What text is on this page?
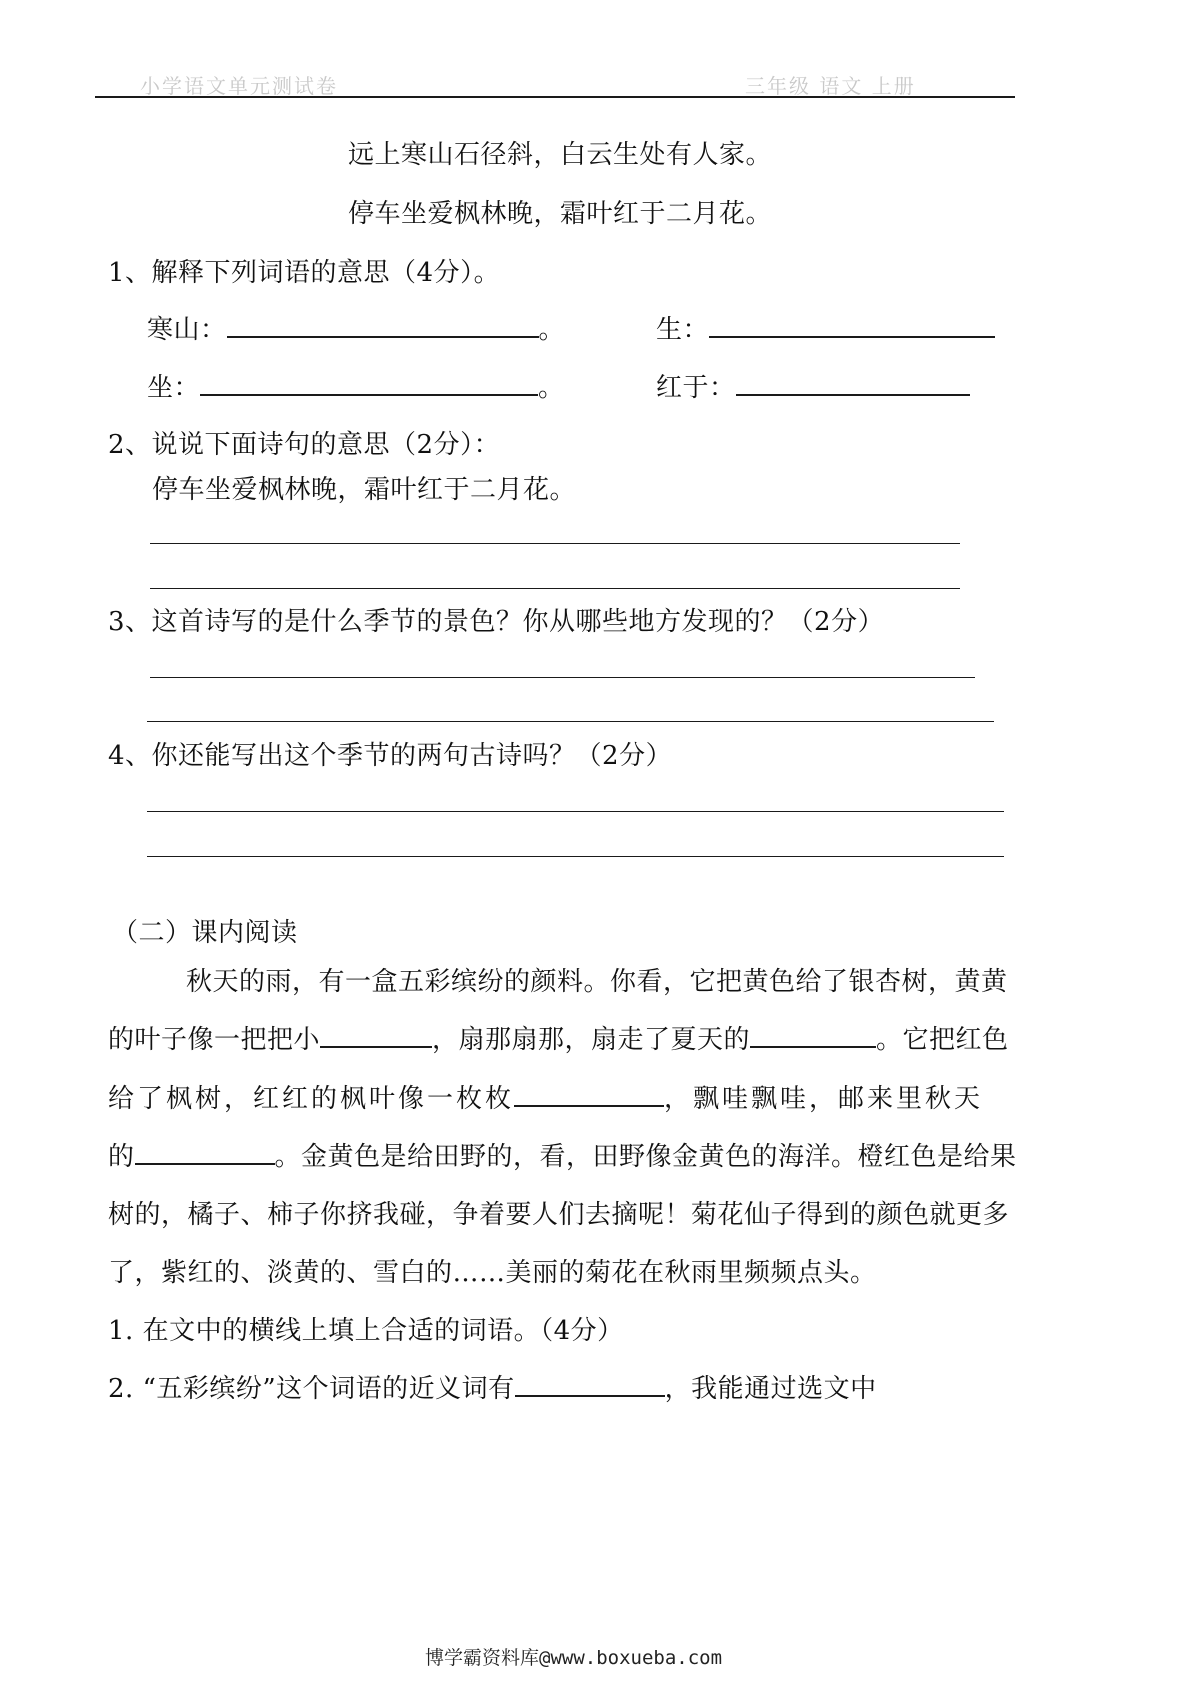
小学语文单元测试卷	三年级 语文 上册
远上寒山石径斜，白云生处有人家。
停车坐爱枫林晚，霜叶红于二月花。
1、解释下列词语的意思（4分）。
寒山：	。	生：
坐：	。	红于：
2、说说下面诗句的意思（2分）：
停车坐爱枫林晚，霜叶红于二月花。
3、这首诗写的是什么季节的景色？你从哪些地方发现的？（2分）
4、你还能写出这个季节的两句古诗吗？（2分）
（二）课内阅读
秋天的雨，有一盒五彩缤纷的颜料。你看，它把黄色给了银杏树，黄黄
的叶子像一把把小	，扇那扇那，扇走了夏天的	。它把红色
给了枫树，红红的枫叶像一枚枚	，飘哇飘哇，邮来里秋天
的	。金黄色是给田野的，看，田野像金黄色的海洋。橙红色是给果
树的，橘子、柿子你挤我碰，争着要人们去摘呢！菊花仙子得到的颜色就更多
了，紫红的、淡黄的、雪白的……美丽的菊花在秋雨里频频点头。
1. 在文中的横线上填上合适的词语。（4分）
2. “五彩缤纷”这个词语的近义词有	，我能通过选文中
博学霸资料库@www.boxueba.com
